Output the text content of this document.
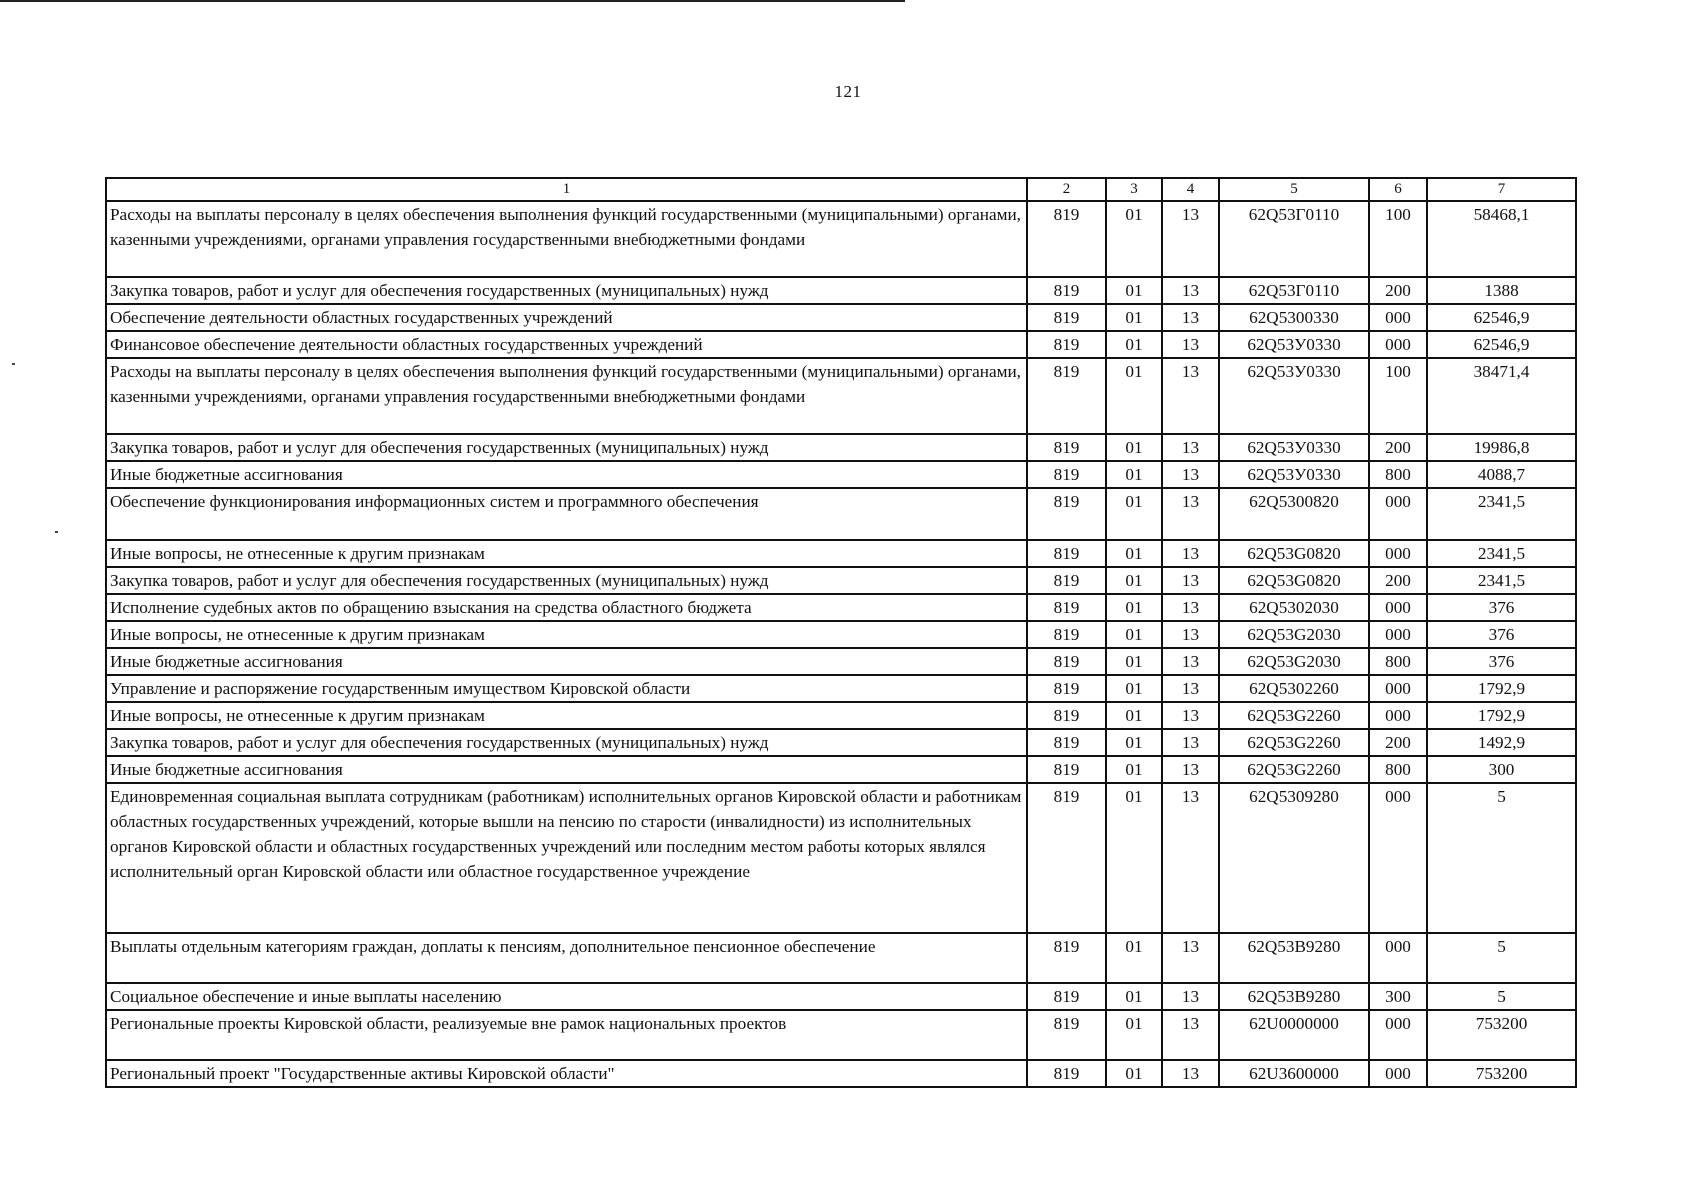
121
1	2	3	4	5	6	7
Расходы на выплаты персоналу в целях обеспечения выполнения функций государственными (муниципальными) органами, казенными учреждениями, органами управления государственными внебюджетными фондами	819	01	13	62Q53Г0110	100	58468,1
Закупка товаров, работ и услуг для обеспечения государственных (муниципальных) нужд	819	01	13	62Q53Г0110	200	1388
Обеспечение деятельности областных государственных учреждений	819	01	13	62Q5300330	000	62546,9
Финансовое обеспечение деятельности областных государственных учреждений	819	01	13	62Q53У0330	000	62546,9
Расходы на выплаты персоналу в целях обеспечения выполнения функций государственными (муниципальными) органами, казенными учреждениями, органами управления государственными внебюджетными фондами	819	01	13	62Q53У0330	100	38471,4
Закупка товаров, работ и услуг для обеспечения государственных (муниципальных) нужд	819	01	13	62Q53У0330	200	19986,8
Иные бюджетные ассигнования	819	01	13	62Q53У0330	800	4088,7
Обеспечение функционирования информационных систем и программного обеспечения	819	01	13	62Q5300820	000	2341,5
Иные вопросы, не отнесенные к другим признакам	819	01	13	62Q53G0820	000	2341,5
Закупка товаров, работ и услуг для обеспечения государственных (муниципальных) нужд	819	01	13	62Q53G0820	200	2341,5
Исполнение судебных актов по обращению взыскания на средства областного бюджета	819	01	13	62Q5302030	000	376
Иные вопросы, не отнесенные к другим признакам	819	01	13	62Q53G2030	000	376
Иные бюджетные ассигнования	819	01	13	62Q53G2030	800	376
Управление и распоряжение государственным имуществом Кировской области	819	01	13	62Q5302260	000	1792,9
Иные вопросы, не отнесенные к другим признакам	819	01	13	62Q53G2260	000	1792,9
Закупка товаров, работ и услуг для обеспечения государственных (муниципальных) нужд	819	01	13	62Q53G2260	200	1492,9
Иные бюджетные ассигнования	819	01	13	62Q53G2260	800	300
Единовременная социальная выплата сотрудникам (работникам) исполнительных органов Кировской области и работникам областных государственных учреждений, которые вышли на пенсию по старости (инвалидности) из исполнительных органов Кировской области и областных государственных учреждений или последним местом работы которых являлся исполнительный орган Кировской области или областное государственное учреждение	819	01	13	62Q5309280	000	5
Выплаты отдельным категориям граждан, доплаты к пенсиям, дополнительное пенсионное обеспечение	819	01	13	62Q53B9280	000	5
Социальное обеспечение и иные выплаты населению	819	01	13	62Q53B9280	300	5
Региональные проекты Кировской области, реализуемые вне рамок национальных проектов	819	01	13	62U0000000	000	753200
Региональный проект "Государственные активы Кировской области"	819	01	13	62U3600000	000	753200
